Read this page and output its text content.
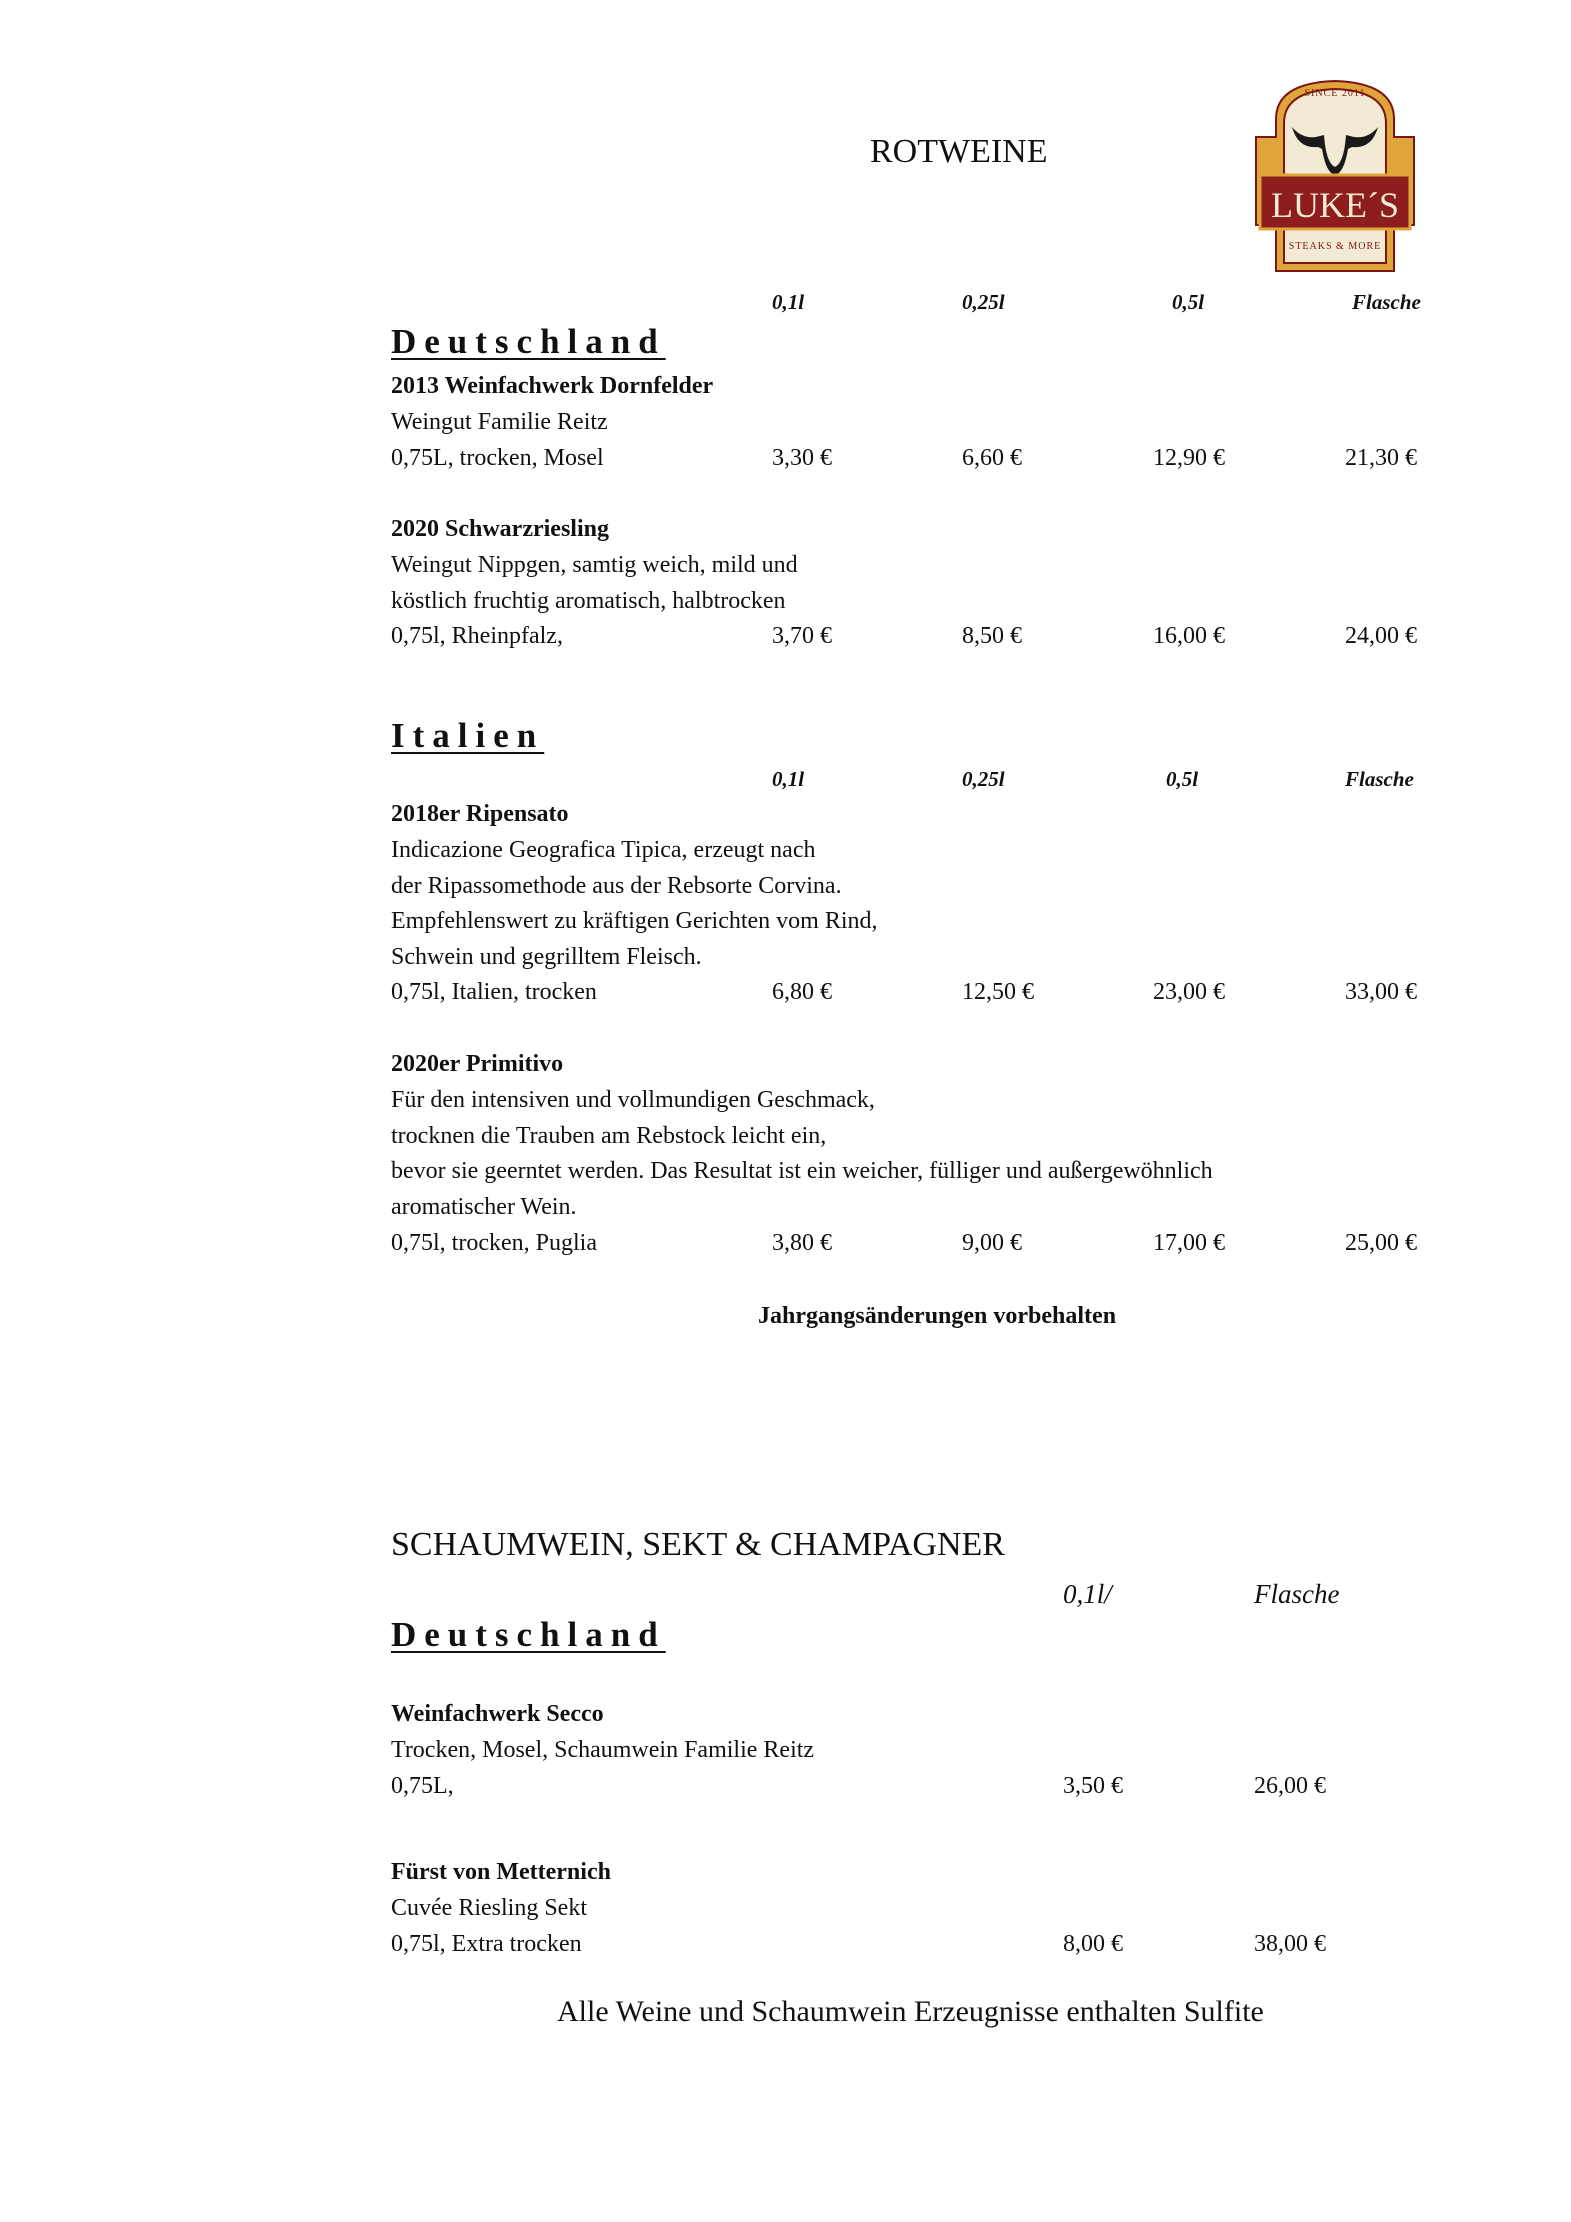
SINCE 2011
LUKE´S
STEAKS & MORE
ROTWEINE
0,1l	0,25l	0,5l	Flasche
Deutschland
2013 Weinfachwerk Dornfelder
Weingut Familie Reitz
0,75L, trocken, Mosel	3,30 €	6,60 €	12,90 €	21,30 €
2020 Schwarzriesling
Weingut Nippgen, samtig weich, mild und
köstlich fruchtig aromatisch, halbtrocken
0,75l, Rheinpfalz,	3,70 €	8,50 €	16,00 €	24,00 €
Italien
0,1l	0,25l	0,5l	Flasche
2018er Ripensato
Indicazione Geografica Tipica, erzeugt nach
der Ripassomethode aus der Rebsorte Corvina.
Empfehlenswert zu kräftigen Gerichten vom Rind,
Schwein und gegrilltem Fleisch.
0,75l, Italien, trocken	6,80 €	12,50 €	23,00 €	33,00 €
2020er Primitivo
Für den intensiven und vollmundigen Geschmack,
trocknen die Trauben am Rebstock leicht ein,
bevor sie geerntet werden. Das Resultat ist ein weicher, fülliger und außergewöhnlich
aromatischer Wein.
0,75l, trocken, Puglia	3,80 €	9,00 €	17,00 €	25,00 €
Jahrgangsänderungen vorbehalten
SCHAUMWEIN, SEKT & CHAMPAGNER
0,1l/	Flasche
Deutschland
Weinfachwerk Secco
Trocken, Mosel, Schaumwein Familie Reitz
0,75L,	3,50 €	26,00 €
Fürst von Metternich
Cuvée Riesling Sekt
0,75l, Extra trocken	8,00 €	38,00 €
Alle Weine und Schaumwein Erzeugnisse enthalten Sulfite
